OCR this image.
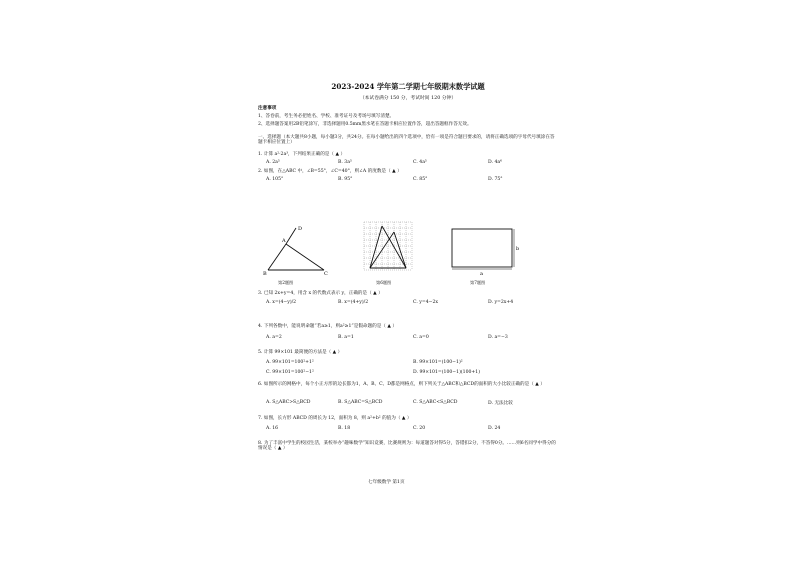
2023-2024 学年第二学期七年级期末数学试题
（本试卷满分 150 分，考试时间 120 分钟）
注意事项
1、答卷前，考生务必把姓名、学校、准考证号及考场号填写清楚。
2、选择题答案用2B铅笔涂写，非选择题用0.5mm黑水笔在答题卡相应位置作答，超出答题框作答无效。
一、选择题（本大题共8小题，每小题3分，共24分。在每小题给出的四个选项中，恰有一项是符合题目要求的，请将正确选项的字母代号填涂在答题卡相应位置上）
1. 计算 a²·2a³，下列结果正确的是（ ▲ ）
A. 2a⁵	B. 3a⁵	C. 4a⁵	D. 4a⁶
2. 如图，在△ABC 中，∠B=55°，∠C=40°，则∠A 的度数是（ ▲ ）
A. 105°	B. 95°	C. 85°	D. 75°
A
D
B	C
第2题图	第6题图
b
a
第7题图
3. 已知 2x+y=4，用含 x 的代数式表示 y，正确的是（ ▲ ）
A. x=(4−y)/2	B. x=(4+y)/2	C. y=4−2x	D. y=2x+4
4. 下列各数中，能说明命题“若a≥1，则a²≥1”是假命题的是（ ▲ ）
A. a=2	B. a=1	C. a=0	D. a=−3
5. 计算 99×101 最简便的方法是（ ▲ ）
A. 99×101=100²+1²	B. 99×101=(100−1)²
C. 99×101=100²−1²	D. 99×101=(100−1)(100+1)
6. 如图所示的网格中，每个小正方形的边长都为1，A、B、C、D都是网格点，则下列关于△ABC和△BCD的面积的大小比较正确的是（ ▲ ）
A. S△ABC>S△BCD	B. S△ABC=S△BCD	C. S△ABC<S△BCD	D. 无法比较
7. 如图，长方形 ABCD 的周长为 12，面积为 8，则 a²+b² 的值为（ ▲ ）
A. 16	B. 18	C. 20	D. 24
8. 为了丰富中学生的校园生活，某校举办“趣味数学”知识竞赛，比赛规则为：每道题答对得5分，答错扣2分，不答得0分。……则6名同学中得分的情况是（ ▲ ）
七年级数学 第1页
